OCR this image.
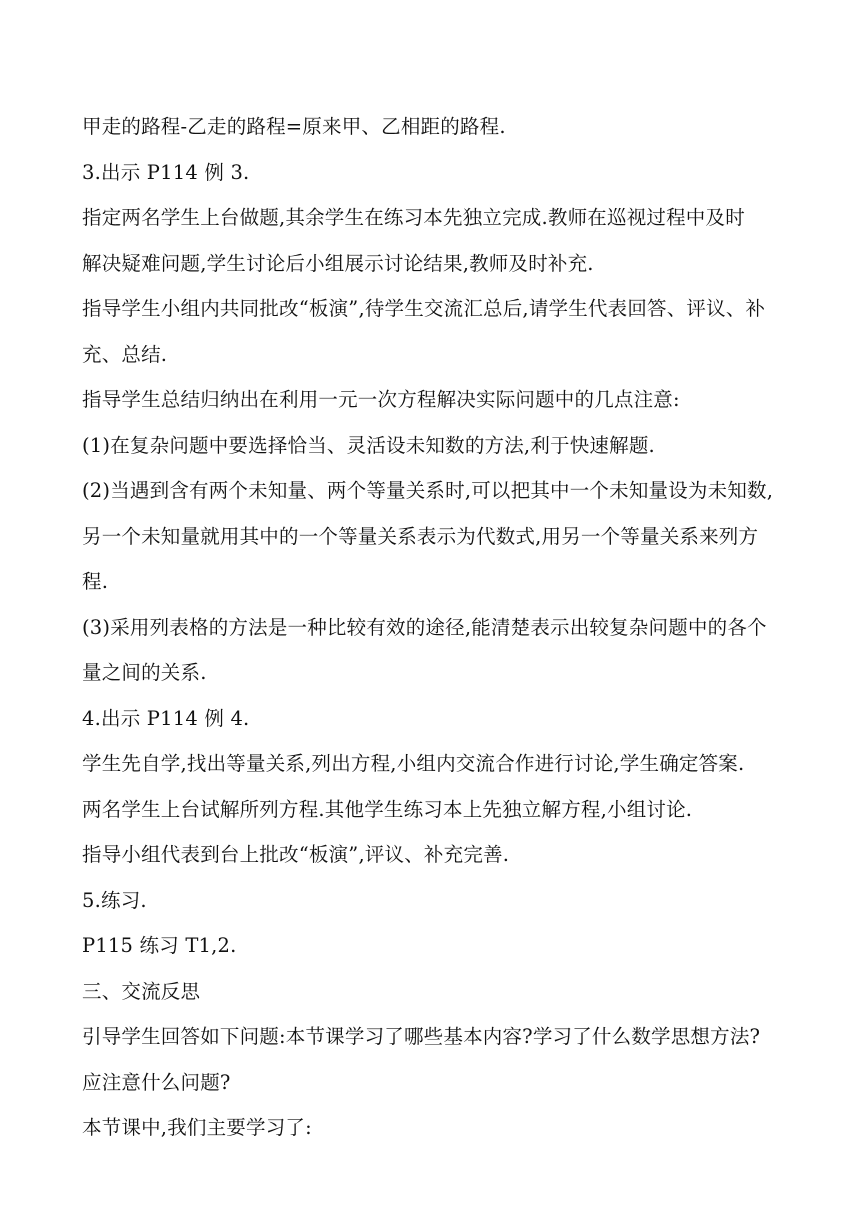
甲走的路程-乙走的路程=原来甲、乙相距的路程.
3.出示 P114 例 3.
指定两名学生上台做题,其余学生在练习本先独立完成.教师在巡视过程中及时
解决疑难问题,学生讨论后小组展示讨论结果,教师及时补充.
指导学生小组内共同批改“板演”,待学生交流汇总后,请学生代表回答、评议、补
充、总结.
指导学生总结归纳出在利用一元一次方程解决实际问题中的几点注意:
(1)在复杂问题中要选择恰当、灵活设未知数的方法,利于快速解题.
(2)当遇到含有两个未知量、两个等量关系时,可以把其中一个未知量设为未知数,
另一个未知量就用其中的一个等量关系表示为代数式,用另一个等量关系来列方
程.
(3)采用列表格的方法是一种比较有效的途径,能清楚表示出较复杂问题中的各个
量之间的关系.
4.出示 P114 例 4.
学生先自学,找出等量关系,列出方程,小组内交流合作进行讨论,学生确定答案.
两名学生上台试解所列方程.其他学生练习本上先独立解方程,小组讨论.
指导小组代表到台上批改“板演”,评议、补充完善.
5.练习.
P115 练习 T1,2.
三、交流反思
引导学生回答如下问题:本节课学习了哪些基本内容?学习了什么数学思想方法?
应注意什么问题?
本节课中,我们主要学习了:
